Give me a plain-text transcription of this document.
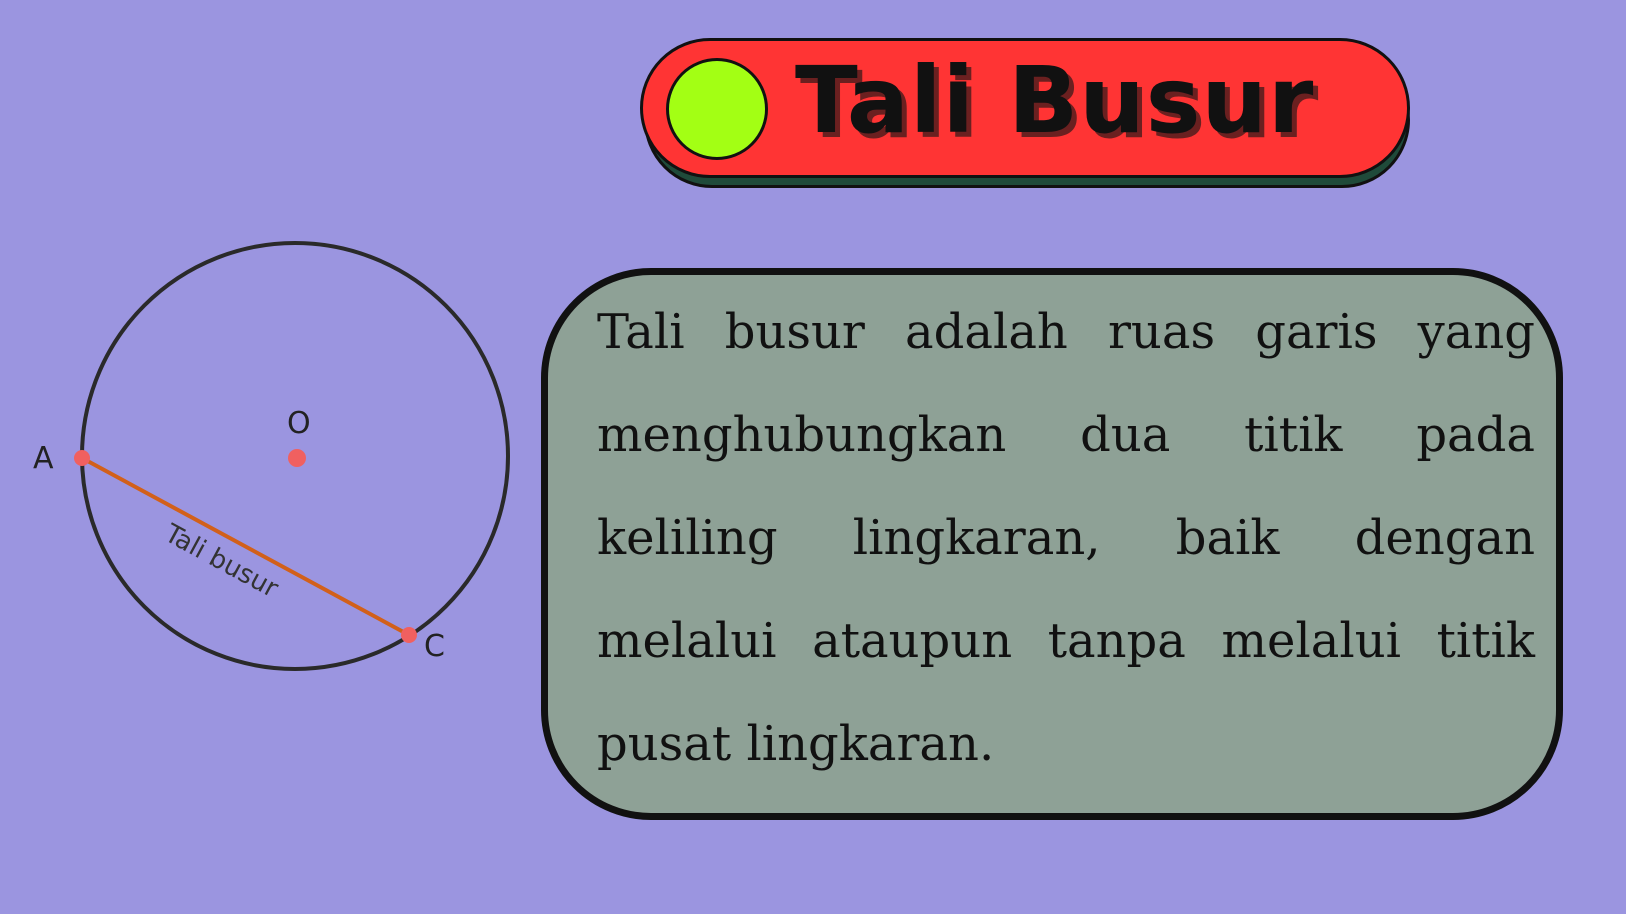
O
A
C
Tali busur
Tali Busur

Tali busur adalah ruas garis yang menghubungkan dua titik pada keliling lingkaran, baik dengan melalui ataupun tanpa melalui titik pusat lingkaran.
